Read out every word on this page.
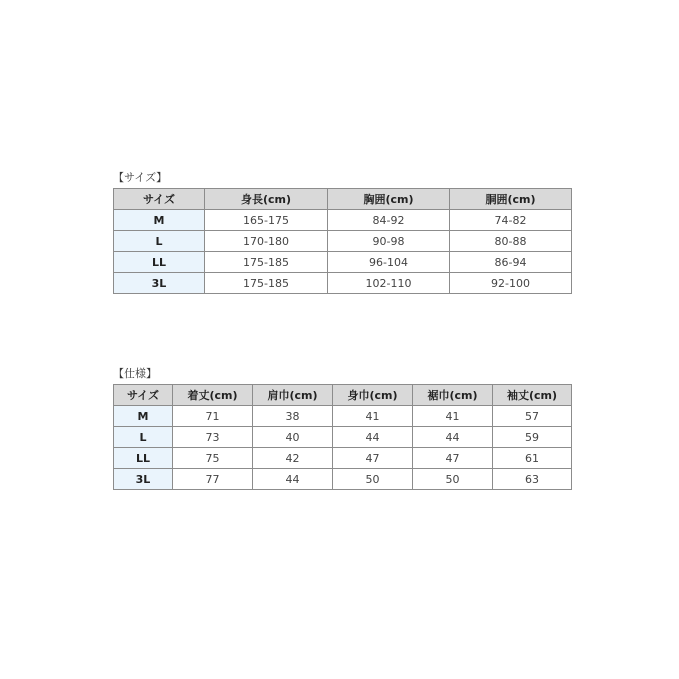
【サイズ】
サイズ	身長(cm)	胸囲(cm)	胴囲(cm)
M	165-175	84-92	74-82
L	170-180	90-98	80-88
LL	175-185	96-104	86-94
3L	175-185	102-110	92-100
【仕様】
サイズ	着丈(cm)	肩巾(cm)	身巾(cm)	裾巾(cm)	袖丈(cm)
M	71	38	41	41	57
L	73	40	44	44	59
LL	75	42	47	47	61
3L	77	44	50	50	63
